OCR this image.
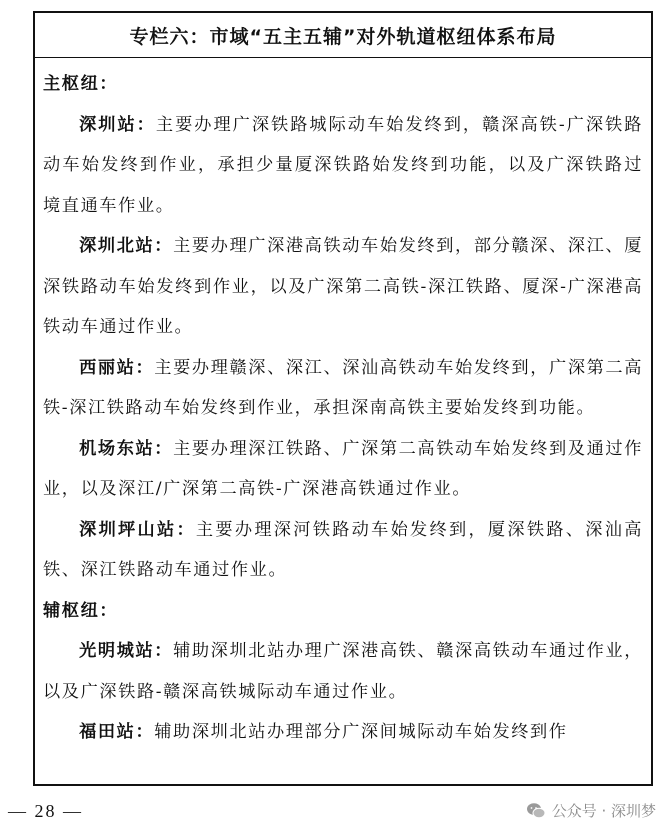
专栏六：市域“五主五辅”对外轨道枢纽体系布局
主枢纽：
深圳站：主要办理广深铁路城际动车始发终到，赣深高铁-广深铁路动车始发终到作业，承担少量厦深铁路始发终到功能，以及广深铁路过境直通车作业。
深圳北站：主要办理广深港高铁动车始发终到，部分赣深、深江、厦深铁路动车始发终到作业，以及广深第二高铁-深江铁路、厦深-广深港高铁动车通过作业。
西丽站：主要办理赣深、深江、深汕高铁动车始发终到，广深第二高铁-深江铁路动车始发终到作业，承担深南高铁主要始发终到功能。
机场东站：主要办理深江铁路、广深第二高铁动车始发终到及通过作业，以及深江/广深第二高铁-广深港高铁通过作业。
深圳坪山站：主要办理深河铁路动车始发终到，厦深铁路、深汕高铁、深江铁路动车通过作业。
辅枢纽：
光明城站：辅助深圳北站办理广深港高铁、赣深高铁动车通过作业，以及广深铁路-赣深高铁城际动车通过作业。
福田站：辅助深圳北站办理部分广深间城际动车始发终到作
— 28 —	公众号 · 深圳梦
